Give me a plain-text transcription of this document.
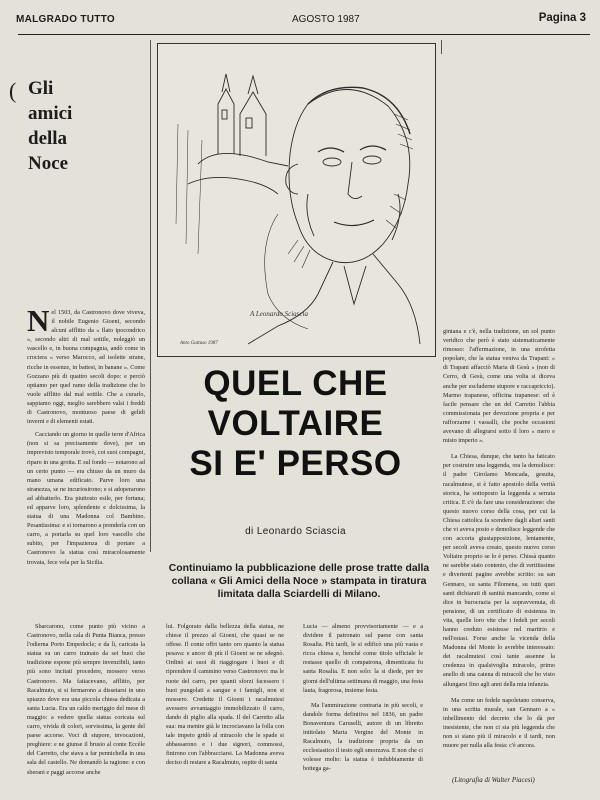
MALGRADO TUTTO	AGOSTO 1987	Pagina 3
( Gli
amici
della
Noce
A Leonardo Sciascia
Anto Guttuso 1987
QUEL CHE
VOLTAIRE
SI E' PERSO
di Leonardo Sciascia
Continuiamo la pubblicazione delle prose tratte dalla collana « Gli Amici della Noce » stampata in tiratura limitata dalla Sciardelli di Milano.

Nel 1503, da Castronovo dove viveva, il nobile Eugenio Gioeni, secondo alcuni afflitto da « flato ipocondrico », secondo altri di mal sottile, noleggiò un vascello e, in buona compagnia, andò come in crociera « verso Marocco, ad isolette strane, ricche in essenze, in battesi, in banane ». Come Gozzano più di quattro secoli dopo: e perciò optiamo per quel ramo della tradizione che lo vuole afflitto dal mal sottile. Che a curarlo, sappiamo oggi, meglio sarebbero valsi i freddi di Castronovo, montuoso paese di gelidi inverni e di elementi estati.

Cacciando un giorno in quelle terre d'Africa (non si sa precisamente dove), per un imprevisto temporale trovò, coi suoi compagni, riparo in una grotta. E sul fondo — notarono ad un certo punto — era chiuso da un muro da mano umana edificato. Parve loro una stranezza, se ne incuriosirono; e si adoperarono ad abbatterlo. Era piuttosto esile, per fortuna; ed apparve loro, splendente e dolcissima, la statua di una Madonna col Bambino. Pesantissima: e si tornarono a prenderla con un carro, a portarla su quel loro vascello che subito, per l'impazienza di portare a Castronovo la statua così miracolosamente trovata, fece vela per la Sicilia.

giniana e c'è, nella tradizione, un sol punto veridico che però è stato sistematicamente rimosso: l'affermazione, in una strofetta popolare, che la statua veniva da Trapani: « di Trapani affacciò Maria di Gesù » (non di Cerro, di Gesù, come una volta si diceva anche per escluderne stupore e raccapriccio). Marmo trapanese, officina trapanese: ed è facile pensare che un del Carretto l'abbia commissionata per devozione propria e per rafforzarne i vassalli, che poche occasioni avevano di allegrarsi sotto il loro « mero e misto imperio ».

La Chiesa, dunque, che tanto ha faticato per costruire una leggenda, ora la demolisce: il padre Girolamo Moncada, gesuita, racalmutese, si è fatto apostolo della verità storica, ha sottoposto la leggenda a serrata critica. E c'è da fare una considerazione: che questo nuovo corso della cosa, per cui la Chiesa cattolica fa scendere dagli altari santi che vi aveva posto e demolisce leggende che con accorta giustapposizione, lentamente, per secoli aveva creato, questo nuovo corso Voltaire proprio se lo è perso. Chissà quanto ne sarebbe stato contento, che di vertitissime e divertenti pagine avrebbe scritto: su san Gennaro, su santa Filomena, su tutti quei santi dichiarati di santità mancando, come si dice in burocrazia per la sopravvenuta, di pensione, di un certificato di esistenza in vita, quelle loro vite che i fedeli per secoli hanno creduto esistesse nel martirio e nell'estasi. Forse anche la vicenda della Madonna del Monte lo avrebbe interessato: dei racalmutesi così tante assenne la credenza in qualsivoglia miracolo, primo anello di una catena di miracoli che ho visto allungarsi fino agli anni della mia infanzia.

Ma come un fedele napoletano conserva, in una scritta murale, san Gennaro a « inbellimento del decreto che lo dà per inesistente, che non ci sia più leggenda che non si siano più il miracolo e il tardi, non muore per nulla alla festa: c'è ancora.

Sbarcarono, come punto più vicino a Castronovo, nella cala di Punta Bianca, presso l'odierna Porto Empedocle; e da lì, caricata la statua su un carro trainato da sei buoi che tradizione espone più sempre invenzibili, tanto più sono incitati procedere, mossero verso Castronovo. Ma fatiacevano, afflitto, per Racalmuto, si si fermarono a dissetarsi in uno spiazzo dove era una piccola chiesa dedicata a santa Lucia. Era un caldo meriggio del mese di maggio: a vedere quella statua coricata sul carro, vivida di colori, sorvissima, la gente del paese accorse. Voci di stupore, invocazioni, preghiere: e ne giunse il brusio al conte Eccèle del Carretto, che stava a far pennichella in una sala del castello. Ne domandò la ragione: e con sberani e paggi accorse anche

lui. Folgorato dalla bellezza della statua, ne chiese il prezzo al Gioeni, che quasi se ne offese. Il conte offri tanto oro quanto la statua pesava: e ancor di più il Gioeni se ne sdegnò. Ordinò ai suoi di riaggiogare i buoi e di riprendere il cammino verso Castronovo: ma le ruote del carro, per quanti sforzi facessero i buoi pungolati a sangue e i famigli, non si mossero. Credette il Gioeni i racalmutesi avessero avvantaggio immobilizzato il carro, dando di piglio alla spada. Il del Carretto alla sua: ma mentre già le incrociavano la folla con tale impeto gridò al miracolo che le spade si abbassarono e i due signori, commossi, finirono con l'abbracciarsi. La Madonna aveva deciso di restare a Racalmuto, ospite di santa

Lucia — almeno provvisoriamente — e a dividere il patronato sul paese con santa Rosalia. Più tardi, le si edificò una più vasta e ricca chiesa e, benché come titolo ufficiale le restasse quello di compatrona, dimenticata fu santa Rosalia. E non solo: la si diede, per tre giorni dell'ultima settimana di maggio, una festa lauta, fragorosa, insieme festa.

Ma l'ammirazione contraria in più secoli, e dandole forma definitiva nel 1836, un padre Bonaventura Caruselli, autore di un libretto intitolato Maria Vergine del Monte in Racalmuto, la tradizione propria da un ecclesiastico il testo egli smorzava. E non che ci volesse molto: la statua è indubbiamente di bottega ga-

(Litografia di Walter Piacesi)
